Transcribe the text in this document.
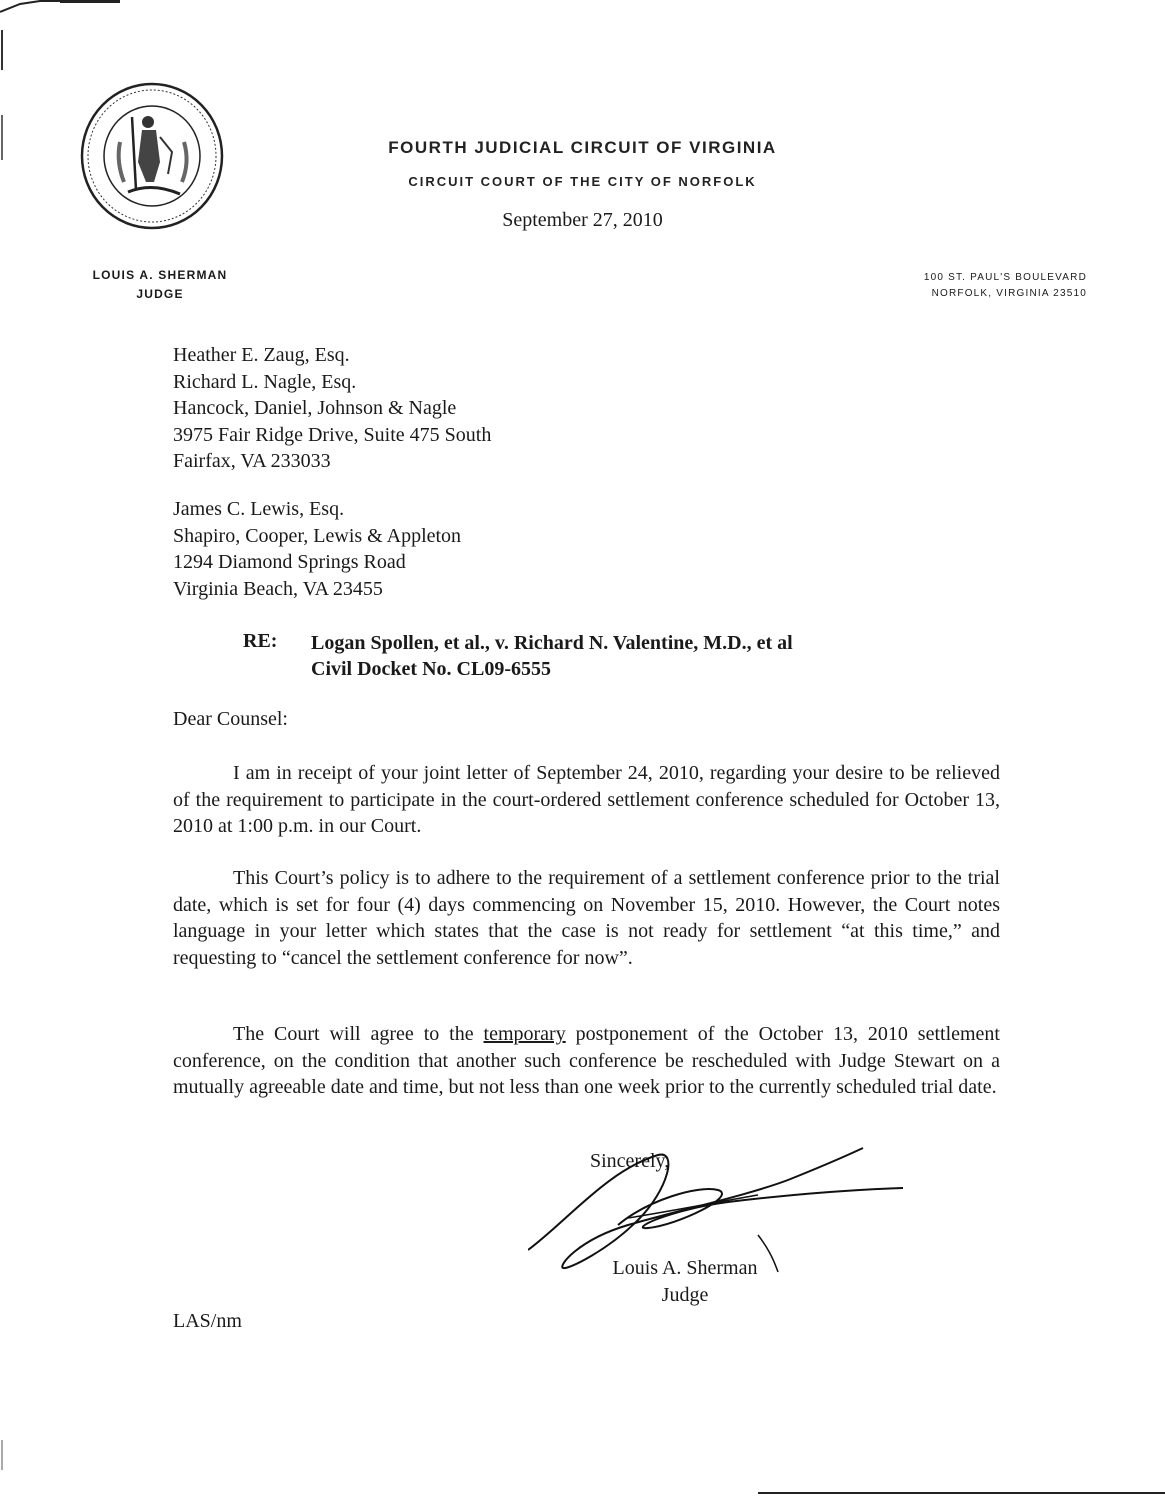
FOURTH JUDICIAL CIRCUIT OF VIRGINIA
CIRCUIT COURT OF THE CITY OF NORFOLK
September 27, 2010
LOUIS A. SHERMAN
JUDGE
100 ST. PAUL'S BOULEVARD
NORFOLK, VIRGINIA 23510
Heather E. Zaug, Esq.
Richard L. Nagle, Esq.
Hancock, Daniel, Johnson & Nagle
3975 Fair Ridge Drive, Suite 475 South
Fairfax, VA 233033
James C. Lewis, Esq.
Shapiro, Cooper, Lewis & Appleton
1294 Diamond Springs Road
Virginia Beach, VA 23455
RE: Logan Spollen, et al., v. Richard N. Valentine, M.D., et al
Civil Docket No. CL09-6555
Dear Counsel:

I am in receipt of your joint letter of September 24, 2010, regarding your desire to be relieved of the requirement to participate in the court-ordered settlement conference scheduled for October 13, 2010 at 1:00 p.m. in our Court.

This Court’s policy is to adhere to the requirement of a settlement conference prior to the trial date, which is set for four (4) days commencing on November 15, 2010. However, the Court notes language in your letter which states that the case is not ready for settlement “at this time,” and requesting to “cancel the settlement conference for now”.

The Court will agree to the temporary postponement of the October 13, 2010 settlement conference, on the condition that another such conference be rescheduled with Judge Stewart on a mutually agreeable date and time, but not less than one week prior to the currently scheduled trial date.

Sincerely,
Louis A. Sherman
Judge
LAS/nm
